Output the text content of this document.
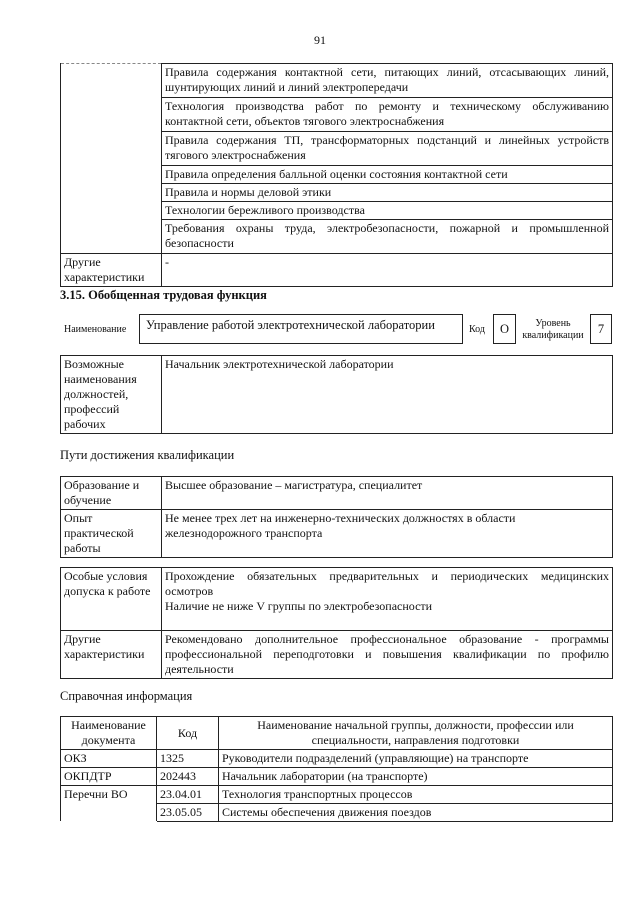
91
	Правила содержания контактной сети, питающих линий, отсасывающих линий, шунтирующих линий и линий электропередачи
	Технология производства работ по ремонту и техническому обслуживанию контактной сети, объектов тягового электроснабжения
	Правила содержания ТП, трансформаторных подстанций и линейных устройств тягового электроснабжения
	Правила определения балльной оценки состояния контактной сети
	Правила и нормы деловой этики
	Технологии бережливого производства
	Требования охраны труда, электробезопасности, пожарной и промышленной безопасности
Другие характеристики	-
3.15. Обобщенная трудовая функция
Наименование	Управление работой электротехнической лаборатории	Код	O	Уровень квалификации	7
Возможные наименования должностей, профессий рабочих	Начальник электротехнической лаборатории
Пути достижения квалификации
Образование и обучение	Высшее образование – магистратура, специалитет
Опыт практической работы	Не менее трех лет на инженерно-технических должностях в области железнодорожного транспорта
Особые условия допуска к работе	Прохождение обязательных предварительных и периодических медицинских осмотров
Наличие не ниже V группы по электробезопасности

Другие характеристики	Рекомендовано дополнительное профессиональное образование - программы профессиональной переподготовки и повышения квалификации по профилю деятельности
Справочная информация
Наименование документа	Код	Наименование начальной группы, должности, профессии или специальности, направления подготовки
ОКЗ	1325	Руководители подразделений (управляющие) на транспорте
ОКПДТР	202443	Начальник лаборатории (на транспорте)
Перечни ВО	23.04.01	Технология транспортных процессов
	23.05.05	Системы обеспечения движения поездов
